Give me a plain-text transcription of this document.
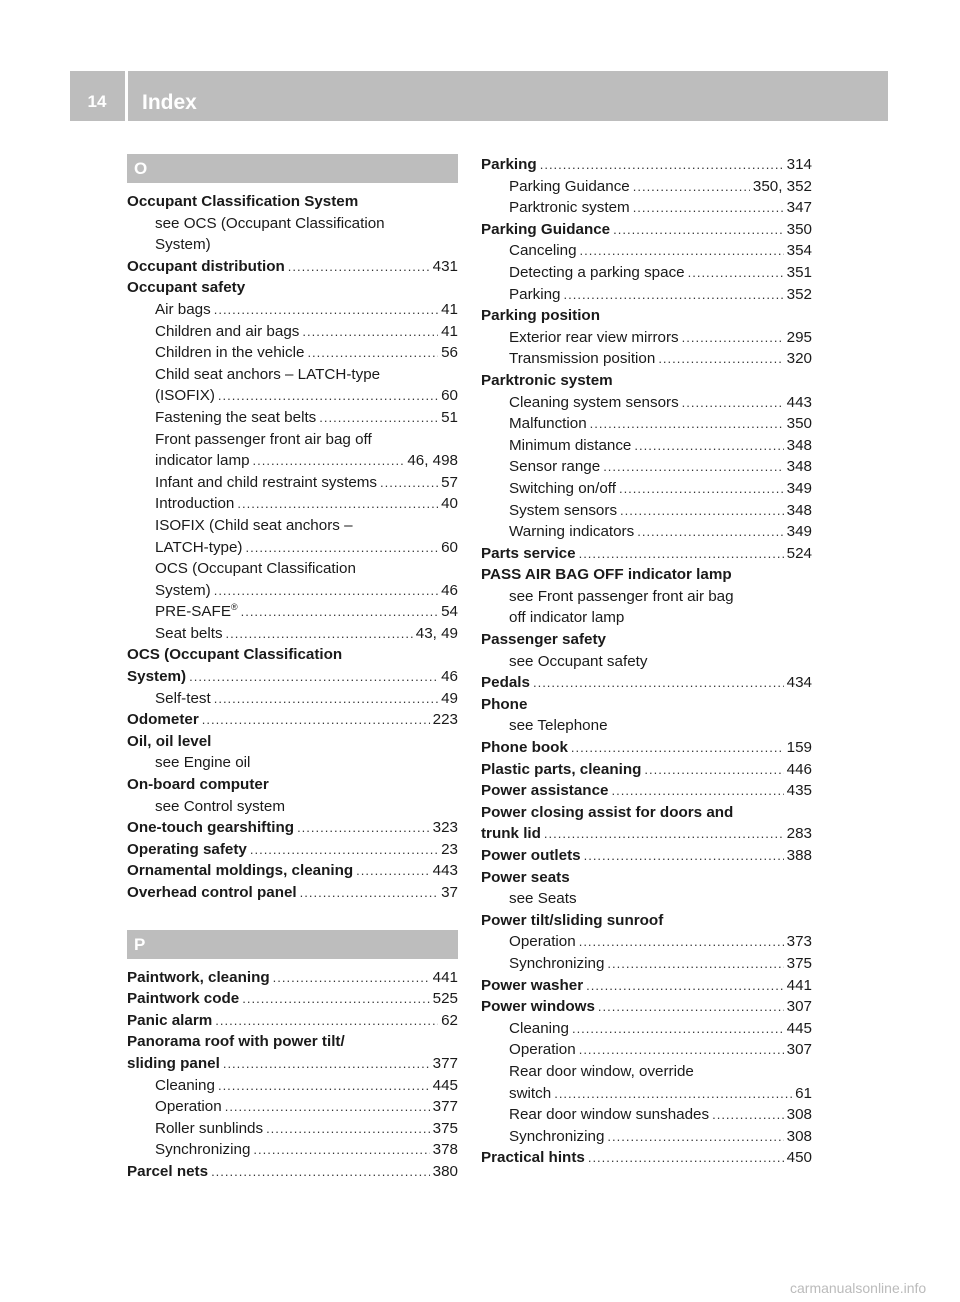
14	Index
O
Occupant Classification System
see OCS (Occupant Classification
System)
Occupant distribution .....	431
Occupant safety
Air bags .....	41
Children and air bags .....	41
Children in the vehicle .....	56
Child seat anchors – LATCH-type
(ISOFIX) .....	60
Fastening the seat belts .....	51
Front passenger front air bag off
indicator lamp .....	46, 498
Infant and child restraint systems .....	57
Introduction .....	40
ISOFIX (Child seat anchors –
LATCH-type) .....	60
OCS (Occupant Classification
System) .....	46
PRE-SAFE® .....	54
Seat belts .....	43, 49
OCS (Occupant Classification
System) .....	46
Self-test .....	49
Odometer .....	223
Oil, oil level
see Engine oil
On-board computer
see Control system
One-touch gearshifting .....	323
Operating safety .....	23
Ornamental moldings, cleaning .....	443
Overhead control panel .....	37
P
Paintwork, cleaning .....	441
Paintwork code .....	525
Panic alarm .....	62
Panorama roof with power tilt/
sliding panel .....	377
Cleaning .....	445
Operation .....	377
Roller sunblinds .....	375
Synchronizing .....	378
Parcel nets .....	380
Parking .....	314
Parking Guidance .....	350, 352
Parktronic system .....	347
Parking Guidance .....	350
Canceling .....	354
Detecting a parking space .....	351
Parking .....	352
Parking position
Exterior rear view mirrors .....	295
Transmission position .....	320
Parktronic system
Cleaning system sensors .....	443
Malfunction .....	350
Minimum distance .....	348
Sensor range .....	348
Switching on/off .....	349
System sensors .....	348
Warning indicators .....	349
Parts service .....	524
PASS AIR BAG OFF indicator lamp
see Front passenger front air bag
off indicator lamp
Passenger safety
see Occupant safety
Pedals .....	434
Phone
see Telephone
Phone book .....	159
Plastic parts, cleaning .....	446
Power assistance .....	435
Power closing assist for doors and
trunk lid .....	283
Power outlets .....	388
Power seats
see Seats
Power tilt/sliding sunroof
Operation .....	373
Synchronizing .....	375
Power washer .....	441
Power windows .....	307
Cleaning .....	445
Operation .....	307
Rear door window, override
switch .....	61
Rear door window sunshades .....	308
Synchronizing .....	308
Practical hints .....	450
carmanualsonline.info
